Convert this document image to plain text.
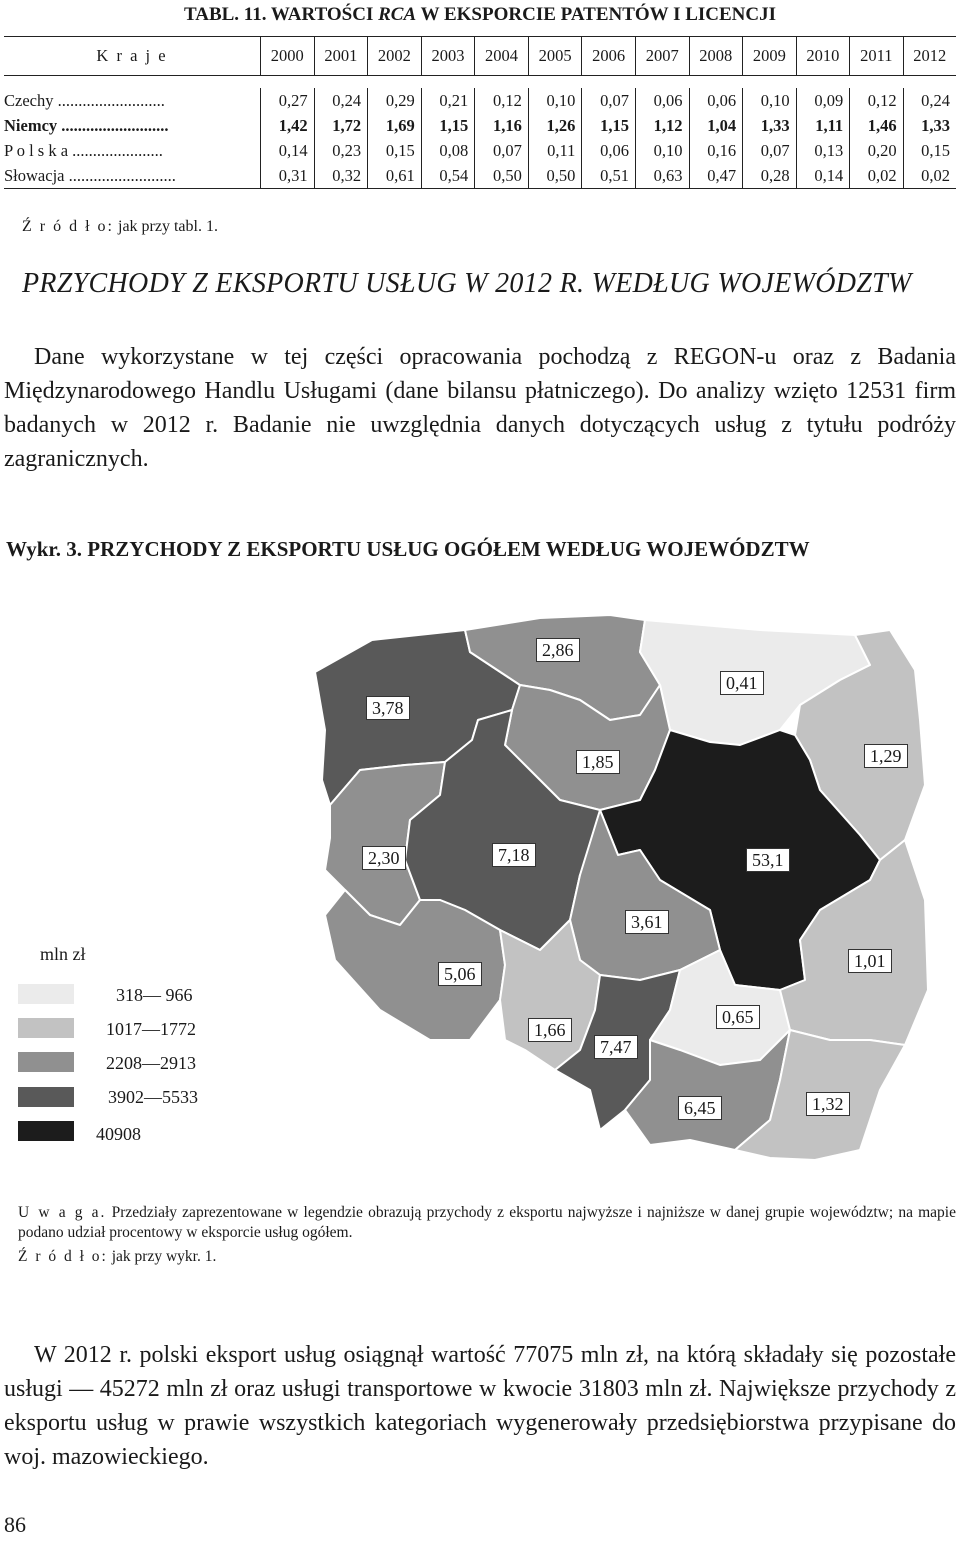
TABL. 11. WARTOŚCI RCA W EKSPORCIE PATENTÓW I LICENCJI
K r a j e	2000	2001	2002	2003	2004	2005	2006	2007	2008	2009	2010	2011	2012

Czechy ..........................	0,27	0,24	0,29	0,21	0,12	0,10	0,07	0,06	0,06	0,10	0,09	0,12	0,24
Niemcy ..........................	1,42	1,72	1,69	1,15	1,16	1,26	1,15	1,12	1,04	1,33	1,11	1,46	1,33
P o l s k a ......................	0,14	0,23	0,15	0,08	0,07	0,11	0,06	0,10	0,16	0,07	0,13	0,20	0,15
Słowacja ..........................	0,31	0,32	0,61	0,54	0,50	0,50	0,51	0,63	0,47	0,28	0,14	0,02	0,02
Ź r ó d ł o: jak przy tabl. 1.
PRZYCHODY Z EKSPORTU USŁUG W 2012 R. WEDŁUG WOJEWÓDZTW
Dane wykorzystane w tej części opracowania pochodzą z REGON-u oraz z Badania Międzynarodowego Handlu Usługami (dane bilansu płatniczego). Do analizy wzięto 12531 firm badanych w 2012 r. Badanie nie uwzględnia danych dotyczących usług z tytułu podróży zagranicznych.
Wykr. 3. PRZYCHODY Z EKSPORTU USŁUG OGÓŁEM WEDŁUG WOJEWÓDZTW
3,78
2,86
0,41
1,29
1,85
2,30	7,18	53,1
3,61
5,06
1,66
7,47
0,65
1,01
6,45	1,32
mln zł
318— 966
1017—1772
2208—2913
3902—5533
40908
U w a g a. Przedziały zaprezentowane w legendzie obrazują przychody z eksportu najwyższe i najniższe w danej grupie województw; na mapie podano udział procentowy w eksporcie usług ogółem.
Ź r ó d ł o: jak przy wykr. 1.
W 2012 r. polski eksport usług osiągnął wartość 77075 mln zł, na którą składały się pozostałe usługi — 45272 mln zł oraz usługi transportowe w kwocie 31803 mln zł. Największe przychody z eksportu usług w prawie wszystkich kategoriach wygenerowały przedsiębiorstwa przypisane do woj. mazowieckiego.
86
